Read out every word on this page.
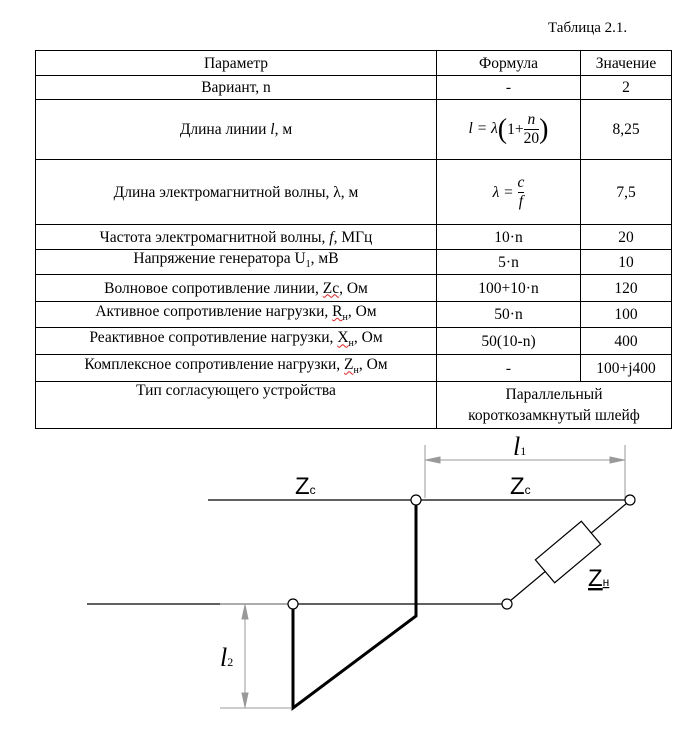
Таблица 2.1.
Параметр	Формула	Значение
Вариант, n	-	2
Длина линии l, м	$l = \lambda(1+ \frac{n}{20}$ )	8,25
Длина электромагнитной волны, λ, м	$\lambda = \frac{c}{f}$	7,5
Частота электромагнитной волны, f, МГц	10·n	20
Напряжение генератора $U_1$, мВ	5·n	10
Волновое сопротивление линии, Zc, Ом	100+10·n	120
Активное сопротивление нагрузки, $R_н$, Ом	50·n	100
Реактивное сопротивление нагрузки, $X_н$, Ом	50(10-n)	400
Комплексное сопротивление нагрузки, $Z_н$, Ом	-	100+j400
Тип согласующего устройства	Параллельный
короткозамкнутый шлейф	
Zc	Zc
Zн
l1
l2
